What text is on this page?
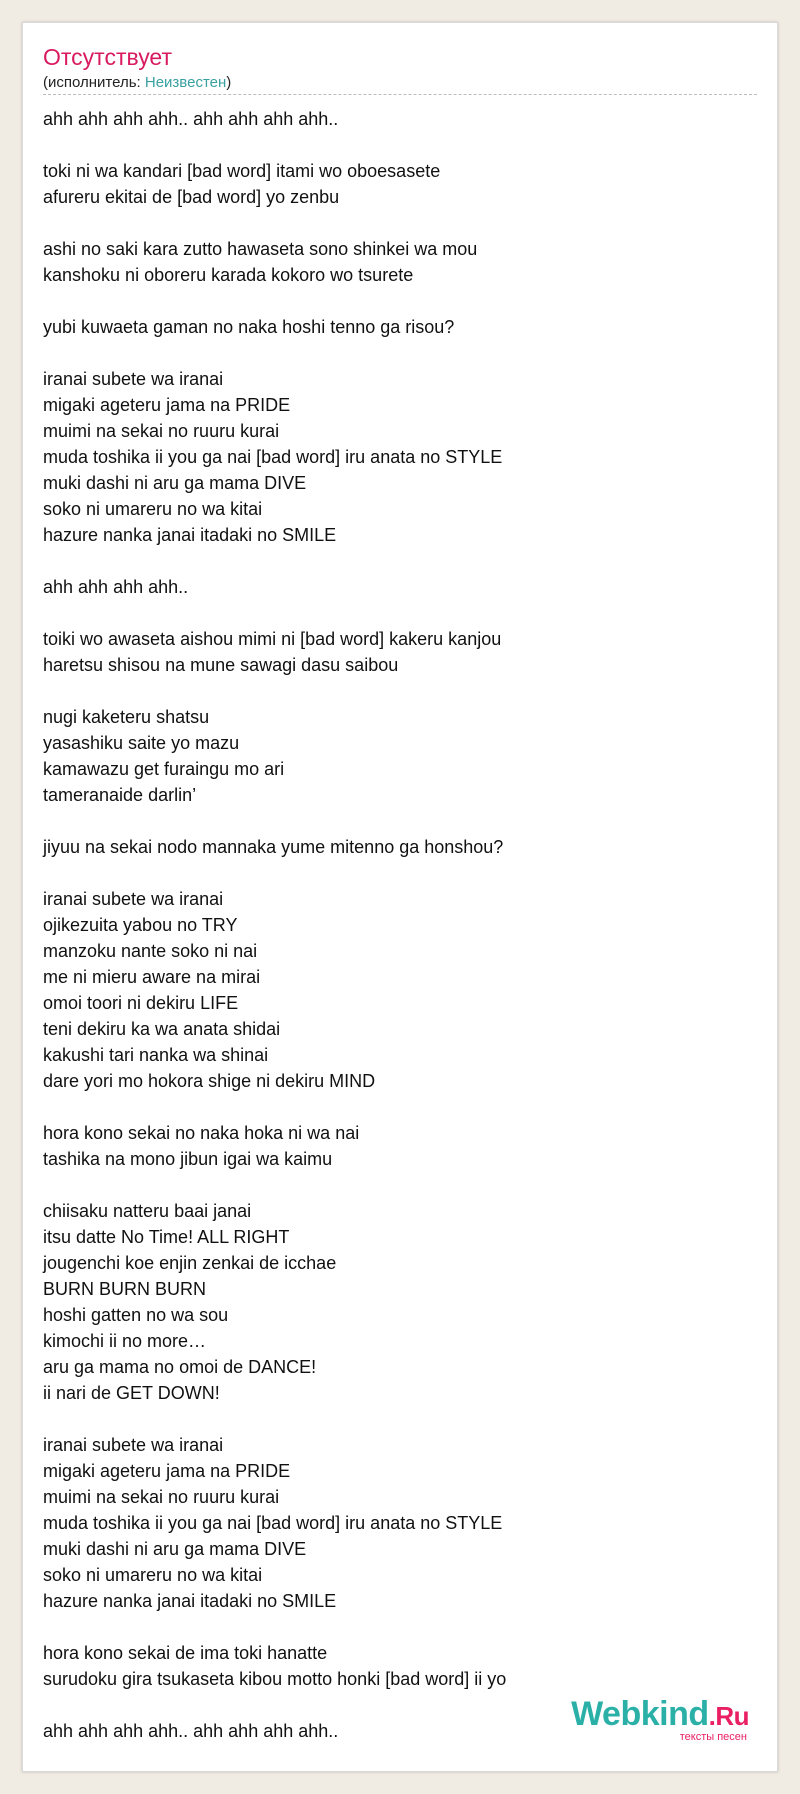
Отсутствует
(исполнитель: Неизвестен)
ahh ahh ahh ahh.. ahh ahh ahh ahh..
toki ni wa kandari [bad word] itami wo oboesasete
afureru ekitai de [bad word] yo zenbu
ashi no saki kara zutto hawaseta sono shinkei wa mou
kanshoku ni oboreru karada kokoro wo tsurete
yubi kuwaeta gaman no naka hoshi tenno ga risou?
iranai subete wa iranai
migaki ageteru jama na PRIDE
muimi na sekai no ruuru kurai
muda toshika ii you ga nai [bad word] iru anata no STYLE
muki dashi ni aru ga mama DIVE
soko ni umareru no wa kitai
hazure nanka janai itadaki no SMILE
ahh ahh ahh ahh..
toiki wo awaseta aishou mimi ni [bad word] kakeru kanjou
haretsu shisou na mune sawagi dasu saibou
nugi kaketeru shatsu
yasashiku saite yo mazu
kamawazu get furaingu mo ari
tameranaide darlin’
jiyuu na sekai nodo mannaka yume mitenno ga honshou?
iranai subete wa iranai
ojikezuita yabou no TRY
manzoku nante soko ni nai
me ni mieru aware na mirai
omoi toori ni dekiru LIFE
teni dekiru ka wa anata shidai
kakushi tari nanka wa shinai
dare yori mo hokora shige ni dekiru MIND
hora kono sekai no naka hoka ni wa nai
tashika na mono jibun igai wa kaimu
chiisaku natteru baai janai
itsu datte No Time! ALL RIGHT
jougenchi koe enjin zenkai de icchae
BURN BURN BURN
hoshi gatten no wa sou
kimochi ii no more…
aru ga mama no omoi de DANCE!
ii nari de GET DOWN!
iranai subete wa iranai
migaki ageteru jama na PRIDE
muimi na sekai no ruuru kurai
muda toshika ii you ga nai [bad word] iru anata no STYLE
muki dashi ni aru ga mama DIVE
soko ni umareru no wa kitai
hazure nanka janai itadaki no SMILE
hora kono sekai de ima toki hanatte
surudoku gira tsukaseta kibou motto honki [bad word] ii yo
ahh ahh ahh ahh.. ahh ahh ahh ahh..	Webkind.Ru
тексты песен
